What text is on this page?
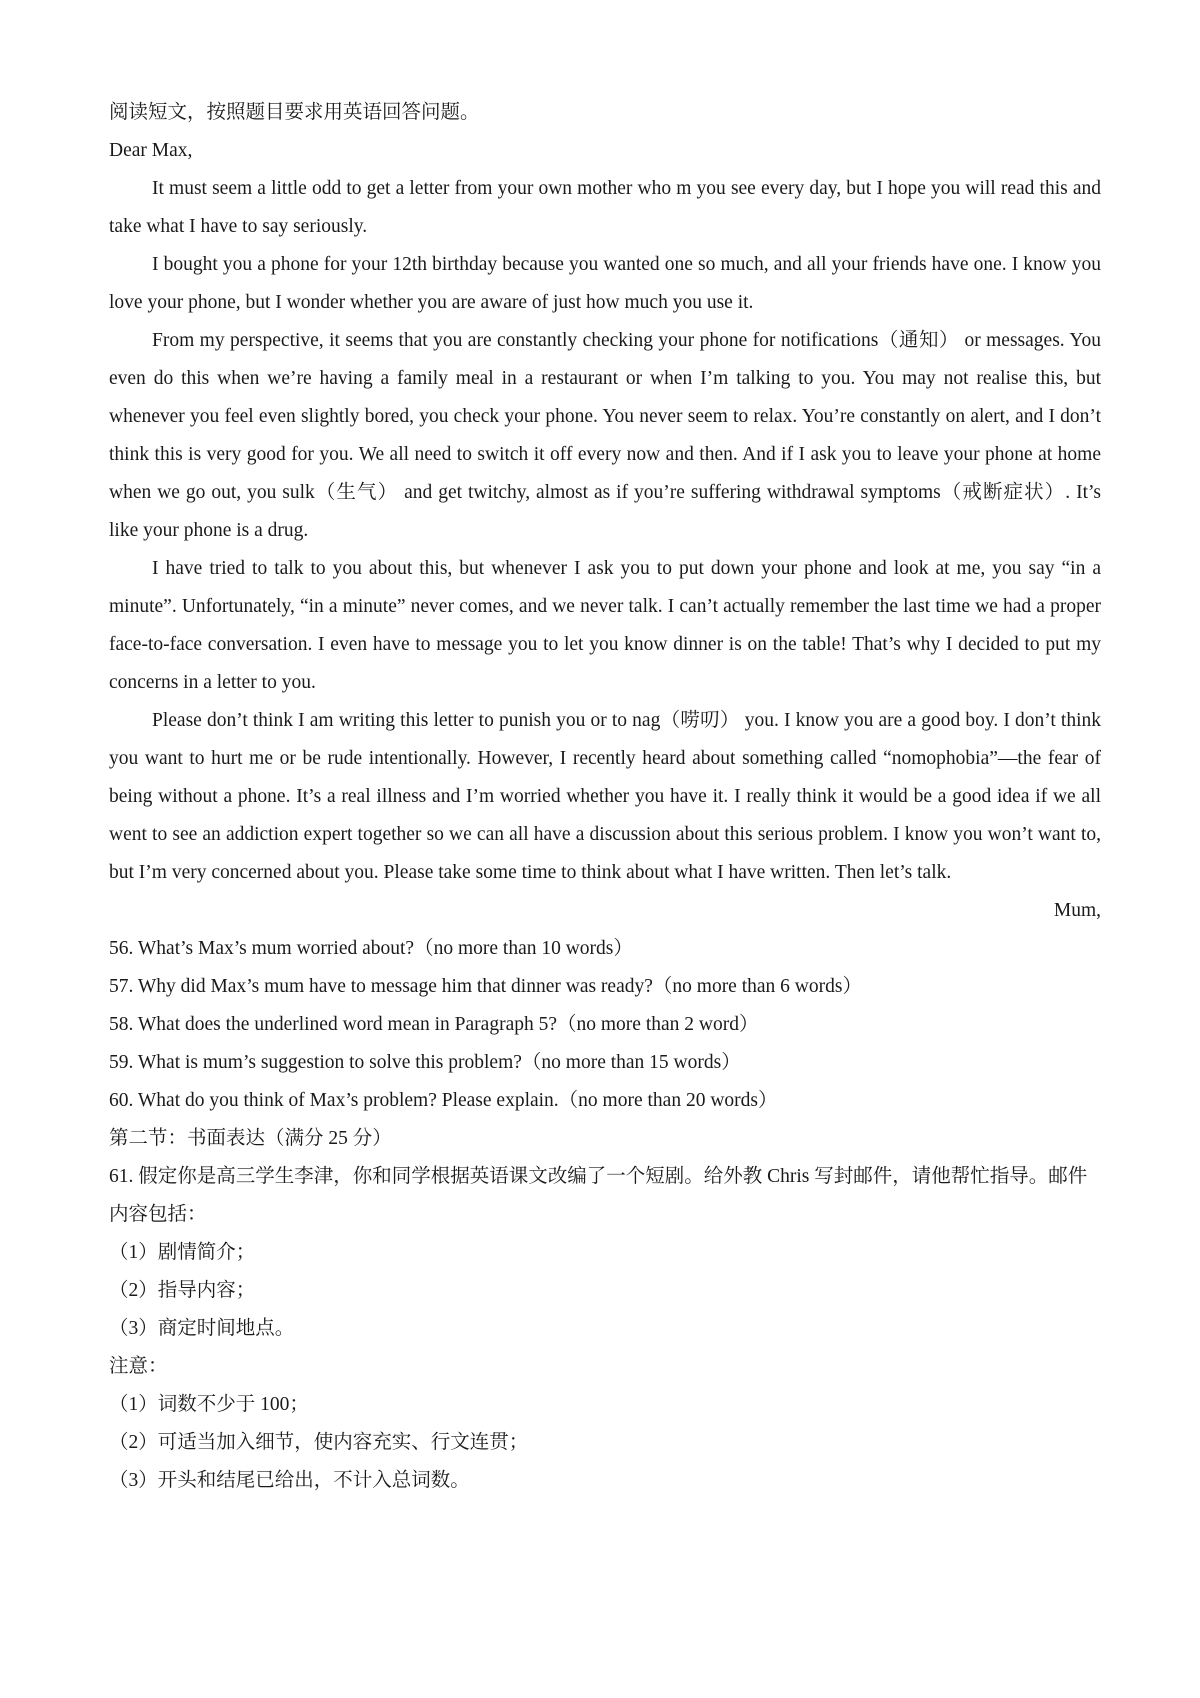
阅读短文，按照题目要求用英语回答问题。

Dear Max,

It must seem a little odd to get a letter from your own mother who m you see every day, but I hope you will read this and take what I have to say seriously.

I bought you a phone for your 12th birthday because you wanted one so much, and all your friends have one. I know you love your phone, but I wonder whether you are aware of just how much you use it.

From my perspective, it seems that you are constantly checking your phone for notifications（通知） or messages. You even do this when we’re having a family meal in a restaurant or when I’m talking to you. You may not realise this, but whenever you feel even slightly bored, you check your phone. You never seem to relax. You’re constantly on alert, and I don’t think this is very good for you. We all need to switch it off every now and then. And if I ask you to leave your phone at home when we go out, you sulk（生气） and get twitchy, almost as if you’re suffering withdrawal symptoms（戒断症状）. It’s like your phone is a drug.

I have tried to talk to you about this, but whenever I ask you to put down your phone and look at me, you say “in a minute”. Unfortunately, “in a minute” never comes, and we never talk. I can’t actually remember the last time we had a proper face-to-face conversation. I even have to message you to let you know dinner is on the table! That’s why I decided to put my concerns in a letter to you.

Please don’t think I am writing this letter to punish you or to nag（唠叨） you. I know you are a good boy. I don’t think you want to hurt me or be rude intentionally. However, I recently heard about something called “nomophobia”—the fear of being without a phone. It’s a real illness and I’m worried whether you have it. I really think it would be a good idea if we all went to see an addiction expert together so we can all have a discussion about this serious problem. I know you won’t want to, but I’m very concerned about you. Please take some time to think about what I have written. Then let’s talk.

Mum,

56. What’s Max’s mum worried about?（no more than 10 words）

57. Why did Max’s mum have to message him that dinner was ready?（no more than 6 words）

58. What does the underlined word mean in Paragraph 5?（no more than 2 word）

59. What is mum’s suggestion to solve this problem?（no more than 15 words）

60. What do you think of Max’s problem? Please explain.（no more than 20 words）

第二节：书面表达（满分 25 分）

61. 假定你是高三学生李津，你和同学根据英语课文改编了一个短剧。给外教 Chris 写封邮件，请他帮忙指导。邮件内容包括：

（1）剧情简介；

（2）指导内容；

（3）商定时间地点。

注意：

（1）词数不少于 100；

（2）可适当加入细节，使内容充实、行文连贯；

（3）开头和结尾已给出，不计入总词数。
